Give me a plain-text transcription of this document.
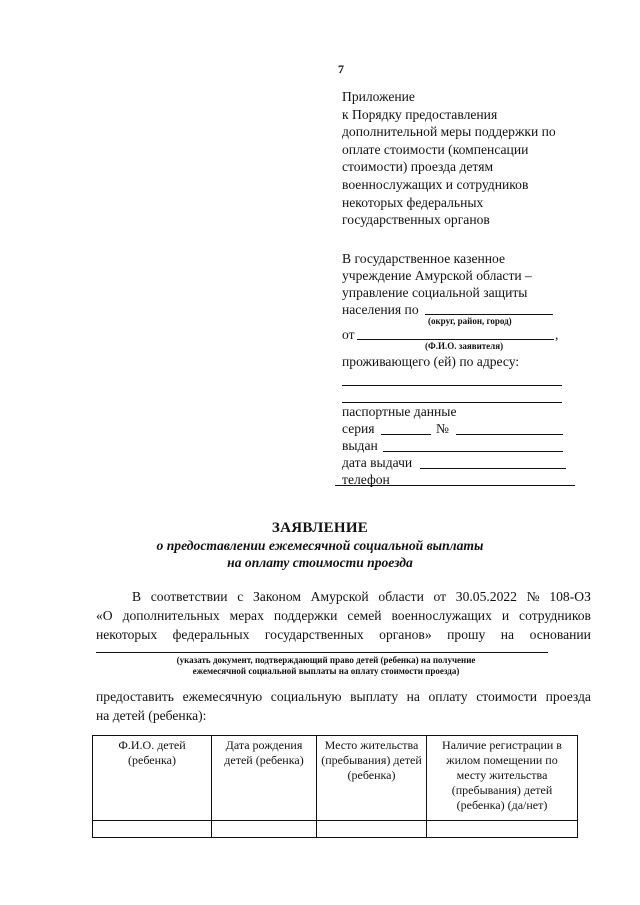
7
Приложение
к Порядку предоставления
дополнительной меры поддержки по
оплате стоимости (компенсации
стоимости) проезда детям
военнослужащих и сотрудников
некоторых федеральных
государственных органов
В государственное казенное
учреждение Амурской области –
управление социальной защиты
населения по
(округ, район, город)
от	,
(Ф.И.О. заявителя)
проживающего (ей) по адресу:
паспортные данные
серия	№
выдан
дата выдачи
телефон
ЗАЯВЛЕНИЕ
о предоставлении ежемесячной социальной выплаты
на оплату стоимости проезда
В соответствии с Законом Амурской области от 30.05.2022 № 108-ОЗ
«О дополнительных мерах поддержки семей военнослужащих и сотрудников
некоторых федеральных государственных органов» прошу на основании
(указать документ, подтверждающий право детей (ребенка) на получение
ежемесячной социальной выплаты на оплату стоимости проезда)
предоставить ежемесячную социальную выплату на оплату стоимости проезда
на детей (ребенка):
Ф.И.О. детей (ребенка)	Дата рождения детей (ребенка)	Место жительства (пребывания) детей (ребенка)	Наличие регистрации в жилом помещении по месту жительства (пребывания) детей (ребенка) (да/нет)
